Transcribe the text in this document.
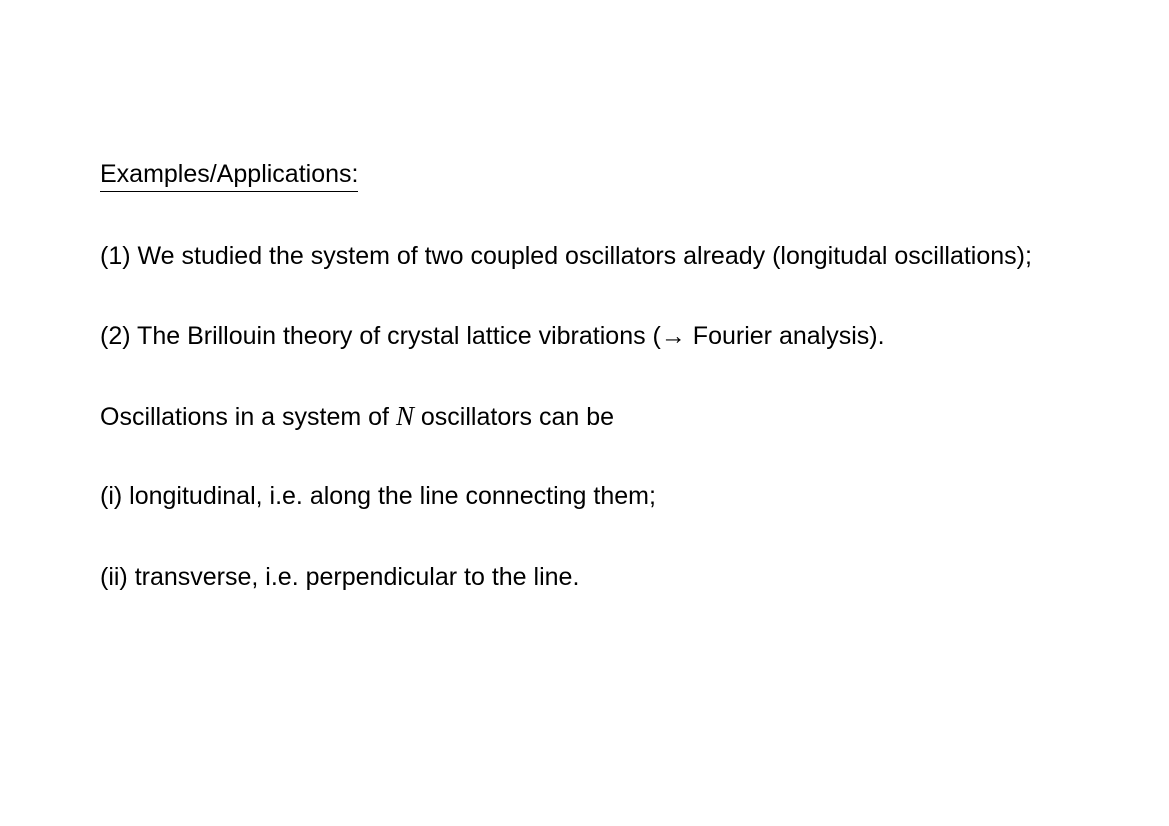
Examples/Applications:

(1) We studied the system of two coupled oscillators already (longitudal oscillations);

(2) The Brillouin theory of crystal lattice vibrations (→ Fourier analysis).

Oscillations in a system of N oscillators can be

(i) longitudinal, i.e. along the line connecting them;

(ii) transverse, i.e. perpendicular to the line.
